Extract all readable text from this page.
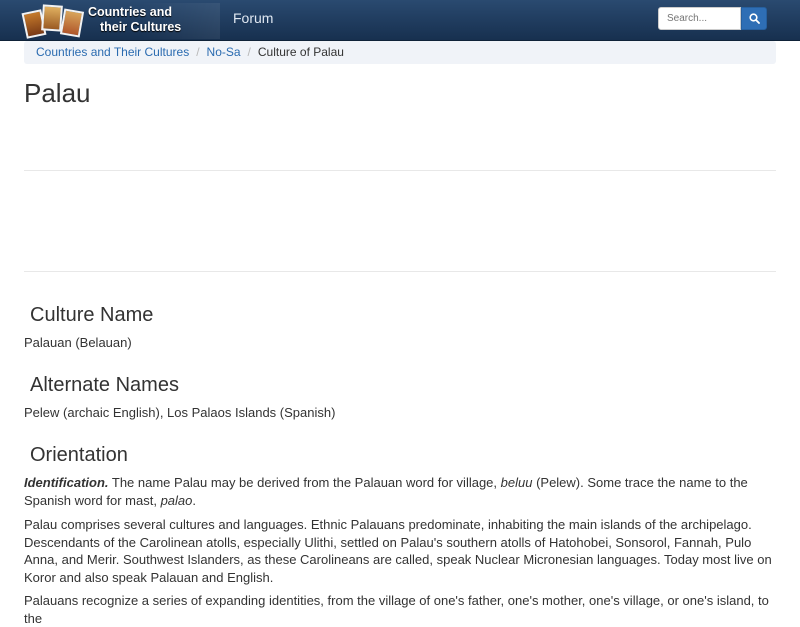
Countries and
their Cultures
Forum
Search...
Countries and Their Cultures / No-Sa / Culture of Palau
Palau
Culture Name

Palauan (Belauan)

Alternate Names

Pelew (archaic English), Los Palaos Islands (Spanish)

Orientation

Identification. The name Palau may be derived from the Palauan word for village, beluu (Pelew). Some trace the name to the Spanish word for mast, palao.

Palau comprises several cultures and languages. Ethnic Palauans predominate, inhabiting the main islands of the archipelago. Descendants of the Carolinean atolls, especially Ulithi, settled on Palau's southern atolls of Hatohobei, Sonsorol, Fannah, Pulo Anna, and Merir. Southwest Islanders, as these Carolineans are called, speak Nuclear Micronesian languages. Today most live on Koror and also speak Palauan and English.

Palauans recognize a series of expanding identities, from the village of one's father, one's mother, one's village, or one's island, to the
